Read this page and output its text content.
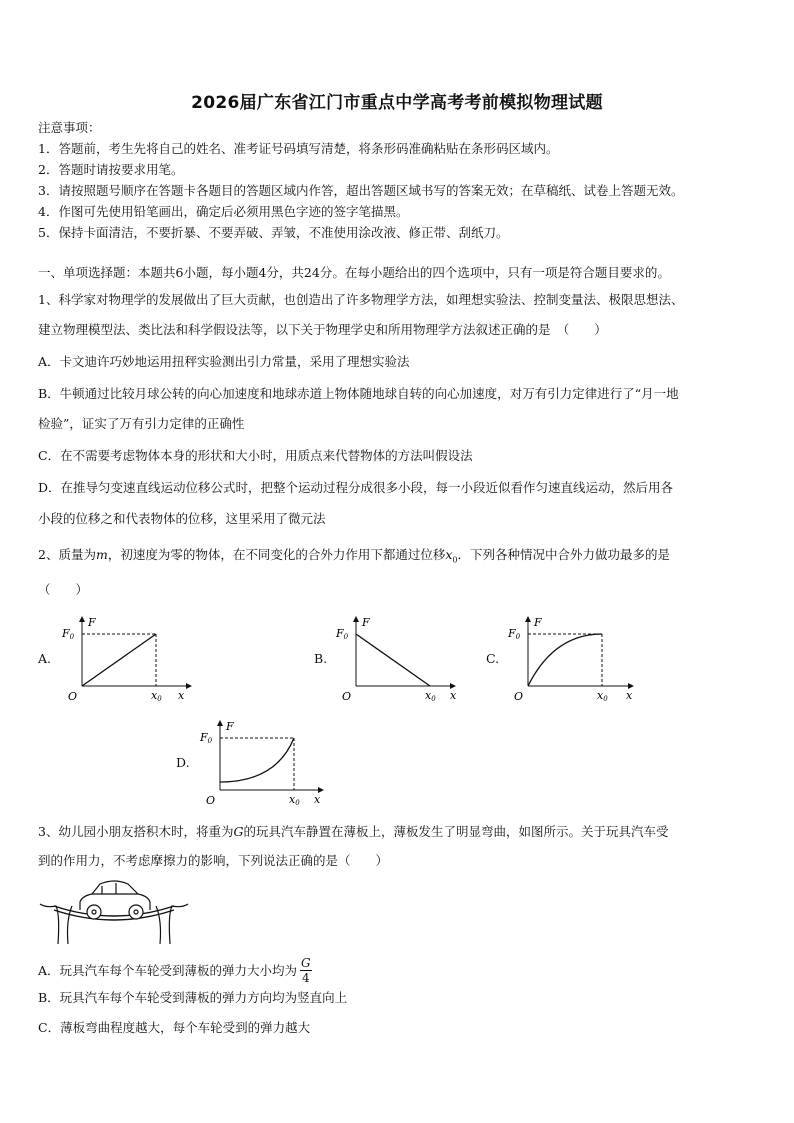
2026届广东省江门市重点中学高考考前模拟物理试题
注意事项：
1．答题前，考生先将自己的姓名、准考证号码填写清楚，将条形码准确粘贴在条形码区域内。
2．答题时请按要求用笔。
3．请按照题号顺序在答题卡各题目的答题区域内作答，超出答题区域书写的答案无效；在草稿纸、试卷上答题无效。
4．作图可先使用铅笔画出，确定后必须用黑色字迹的签字笔描黑。
5．保持卡面清洁，不要折暴、不要弄破、弄皱，不准使用涂改液、修正带、刮纸刀。
一、单项选择题：本题共6小题，每小题4分，共24分。在每小题给出的四个选项中，只有一项是符合题目要求的。
1、科学家对物理学的发展做出了巨大贡献，也创造出了许多物理学方法，如理想实验法、控制变量法、极限思想法、
建立物理模型法、类比法和科学假设法等，以下关于物理学史和所用物理学方法叙述正确的是　（　　）
A．卡文迪许巧妙地运用扭秤实验测出引力常量，采用了理想实验法
B．牛顿通过比较月球公转的向心加速度和地球赤道上物体随地球自转的向心加速度，对万有引力定律进行了“月一地
检验”，证实了万有引力定律的正确性
C．在不需要考虑物体本身的形状和大小时，用质点来代替物体的方法叫假设法
D．在推导匀变速直线运动位移公式时，把整个运动过程分成很多小段，每一小段近似看作匀速直线运动，然后用各
小段的位移之和代表物体的位移，这里采用了微元法
2、质量为m，初速度为零的物体，在不同变化的合外力作用下都通过位移$x_0$．下列各种情况中合外力做功最多的是
（　　）
A.	B.	C.
D.
F
F0
O	x0 x
F
F0
O	x0 x
F
F0
O	x0 x
F
F0
O	x0 x
3、幼儿园小朋友搭积木时，将重为G的玩具汽车静置在薄板上，薄板发生了明显弯曲，如图所示。关于玩具汽车受
到的作用力，不考虑摩擦力的影响，下列说法正确的是（　　）
A．玩具汽车每个车轮受到薄板的弹力大小均为 $\frac{G}{4}$
B．玩具汽车每个车轮受到薄板的弹力方向均为竖直向上
C．薄板弯曲程度越大，每个车轮受到的弹力越大
